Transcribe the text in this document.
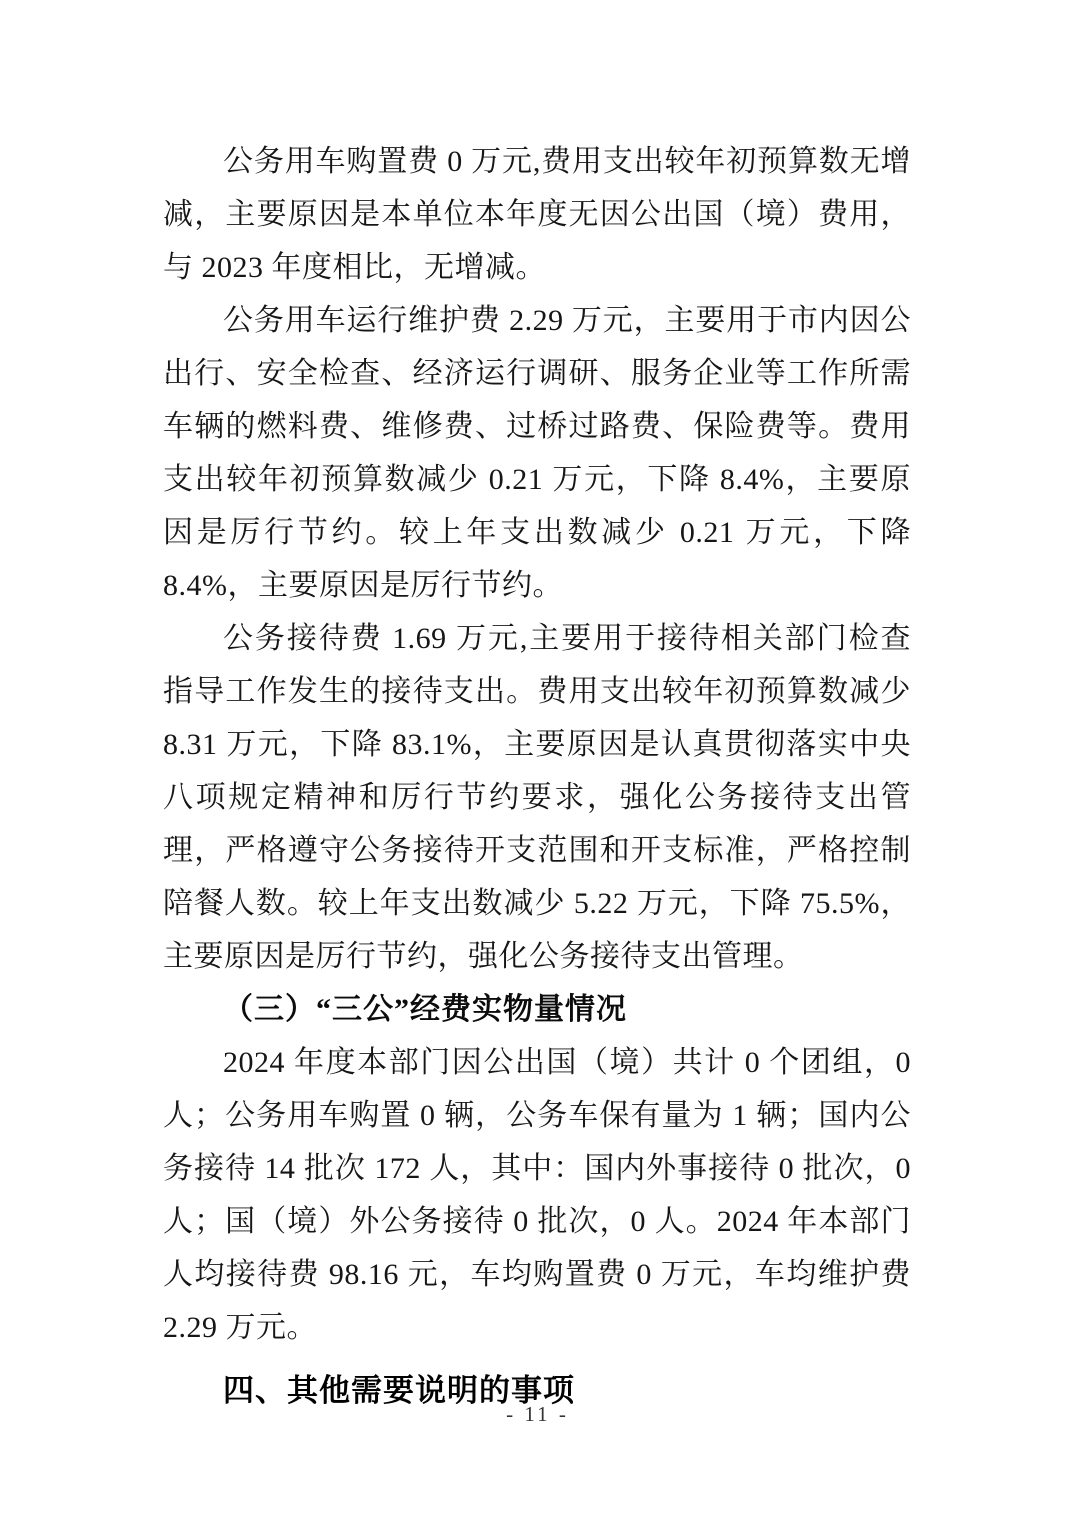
公务用车购置费 0 万元,费用支出较年初预算数无增减，主要原因是本单位本年度无因公出国（境）费用，与 2023 年度相比，无增减。

公务用车运行维护费 2.29 万元，主要用于市内因公出行、安全检查、经济运行调研、服务企业等工作所需车辆的燃料费、维修费、过桥过路费、保险费等。费用支出较年初预算数减少 0.21 万元，下降 8.4%，主要原因是厉行节约。较上年支出数减少 0.21 万元，下降 8.4%，主要原因是厉行节约。

公务接待费 1.69 万元,主要用于接待相关部门检查指导工作发生的接待支出。费用支出较年初预算数减少 8.31 万元，下降 83.1%，主要原因是认真贯彻落实中央八项规定精神和厉行节约要求，强化公务接待支出管理，严格遵守公务接待开支范围和开支标准，严格控制陪餐人数。较上年支出数减少 5.22 万元，下降 75.5%，主要原因是厉行节约，强化公务接待支出管理。

（三）“三公”经费实物量情况

2024 年度本部门因公出国（境）共计 0 个团组，0 人；公务用车购置 0 辆，公务车保有量为 1 辆；国内公务接待 14 批次 172 人，其中：国内外事接待 0 批次，0 人；国（境）外公务接待 0 批次，0 人。2024 年本部门人均接待费 98.16 元，车均购置费 0 万元，车均维护费 2.29 万元。

四、其他需要说明的事项
- 11 -
